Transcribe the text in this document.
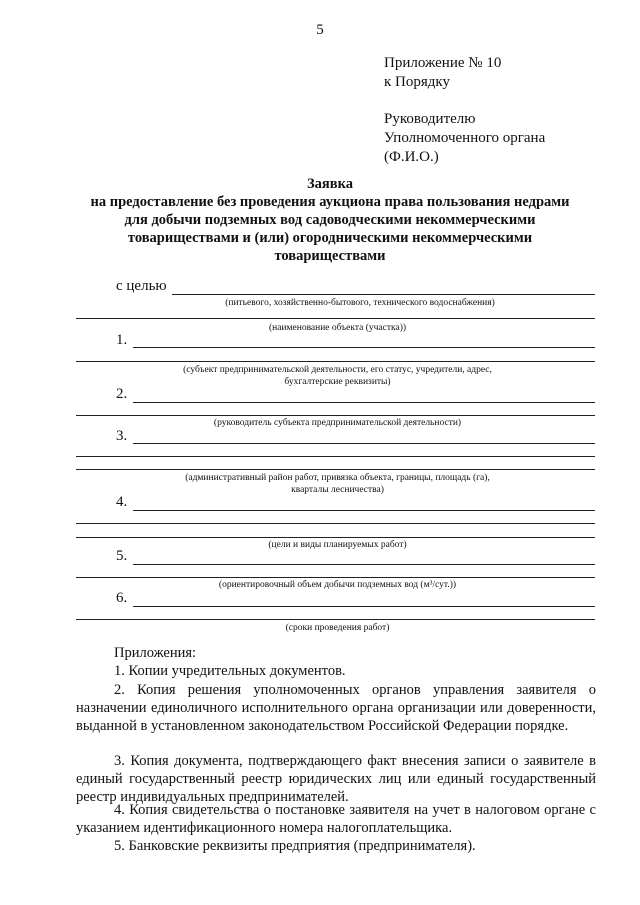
5
Приложение № 10
к Порядку
Руководителю
Уполномоченного органа
(Ф.И.О.)
Заявка
на предоставление без проведения аукциона права пользования недрами
для добычи подземных вод садоводческими некоммерческими
товариществами и (или) огородническими некоммерческими
товариществами
с целью
(питьевого, хозяйственно-бытового, технического водоснабжения)
(наименование объекта (участка))
1.
(субъект предпринимательской деятельности, его статус, учредители, адрес,
бухгалтерские реквизиты)
2.
(руководитель субъекта предпринимательской деятельности)
3.
(административный район работ, привязка объекта, границы, площадь (га),
кварталы лесничества)
4.
(цели и виды планируемых работ)
5.
(ориентировочный объем добычи подземных вод (м³/сут.))
6.
(сроки проведения работ)
Приложения:
1. Копии учредительных документов.
2. Копия решения уполномоченных органов управления заявителя о назначении единоличного исполнительного органа организации или доверенности, выданной в установленном законодательством Российской Федерации порядке.
3. Копия документа, подтверждающего факт внесения записи о заявителе в единый государственный реестр юридических лиц или единый государственный реестр индивидуальных предпринимателей.
4. Копия свидетельства о постановке заявителя на учет в налоговом органе с указанием идентификационного номера налогоплательщика.
5. Банковские реквизиты предприятия (предпринимателя).
